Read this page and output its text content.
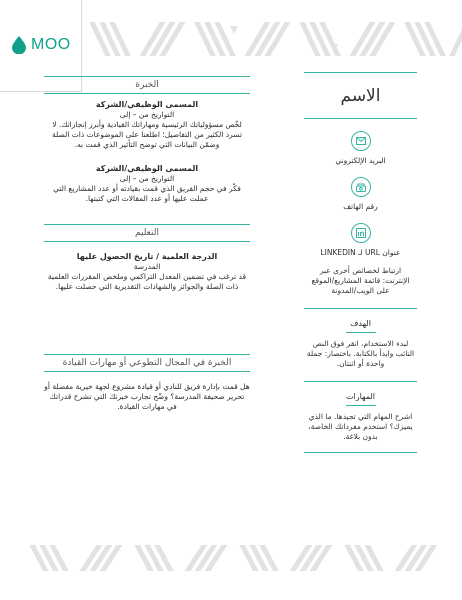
MOO
الخبرة
المسمى الوظيفي/الشركة
التواريخ من – إلى
لخّص مسؤولياتك الرئيسية ومهاراتك القيادية وأبرز إنجازاتك. لا تسرد الكثير من التفاصيل؛ اطلعنا على الموضوعات ذات الصلة وضمّن البيانات التي توضح التأثير الذي قمت به.
المسمى الوظيفي/الشركة
التواريخ من – إلى
فكّر في حجم الفريق الذي قمت بقيادته أو عدد المشاريع التي عملت عليها أو عدد المقالات التي كتبتها.
التعليم
الدرجة العلمية / تاريخ الحصول عليها
المدرسة
قد ترغب في تضمين المعدل التراكمي وملخص المقررات العلمية ذات الصلة والجوائز والشهادات التقديرية التي حصلت عليها.
الخبرة في المجال التطوعي أو مهارات القيادة
هل قمت بإدارة فريق للنادي أو قيادة مشروع لجهة خيرية مفضلة أو تحرير صحيفة المدرسة؟ وضّح تجارب خبرتك التي تشرح قدراتك في مهارات القيادة.
الاسم
البريد الإلكتروني
رقم الهاتف
عنوان URL لـ LINKEDIN
ارتباط لخصائص أخرى عبر الإنترنت: قائمة المشاريع/الموقع على الويب/المدونة
الهدف
لبدء الاستخدام، انقر فوق النص النائب وابدأ بالكتابة. باختصار: جملة واحدة أو اثنتان.
المهارات
اشرح المهام التي تجيدها. ما الذي يميزك؟ استخدم مفرداتك الخاصة، بدون بلاغة.
